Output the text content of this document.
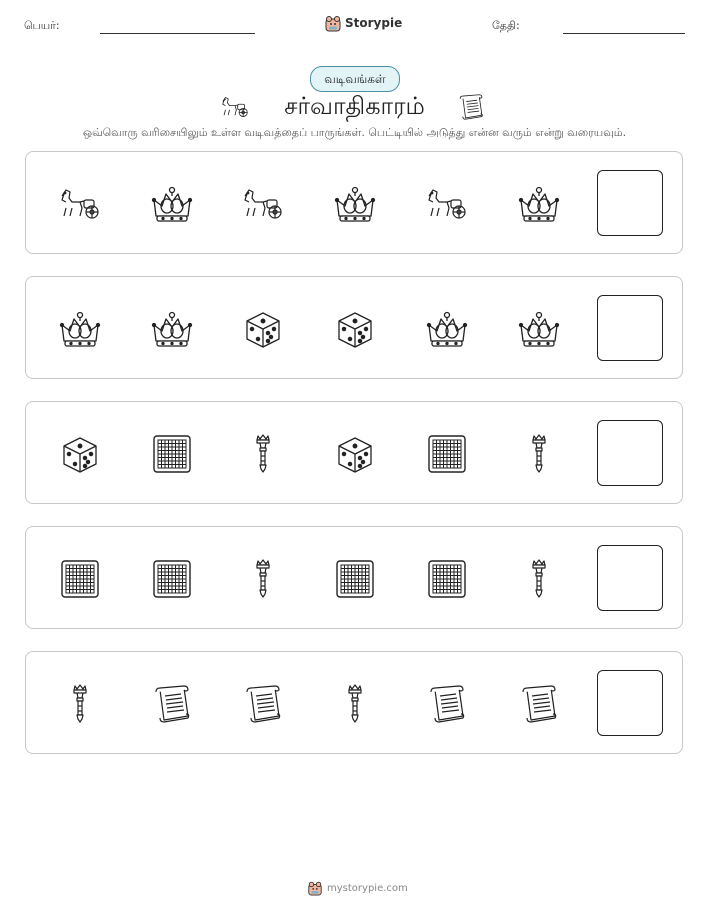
பெயர்:	Storypie	தேதி:
வடிவங்கள்
சர்வாதிகாரம்
ஒவ்வொரு வரிசையிலும் உள்ள வடிவத்தைப் பாருங்கள். பெட்டியில் அடுத்து என்ன வரும் என்று வரையவும்.
mystorypie.com
